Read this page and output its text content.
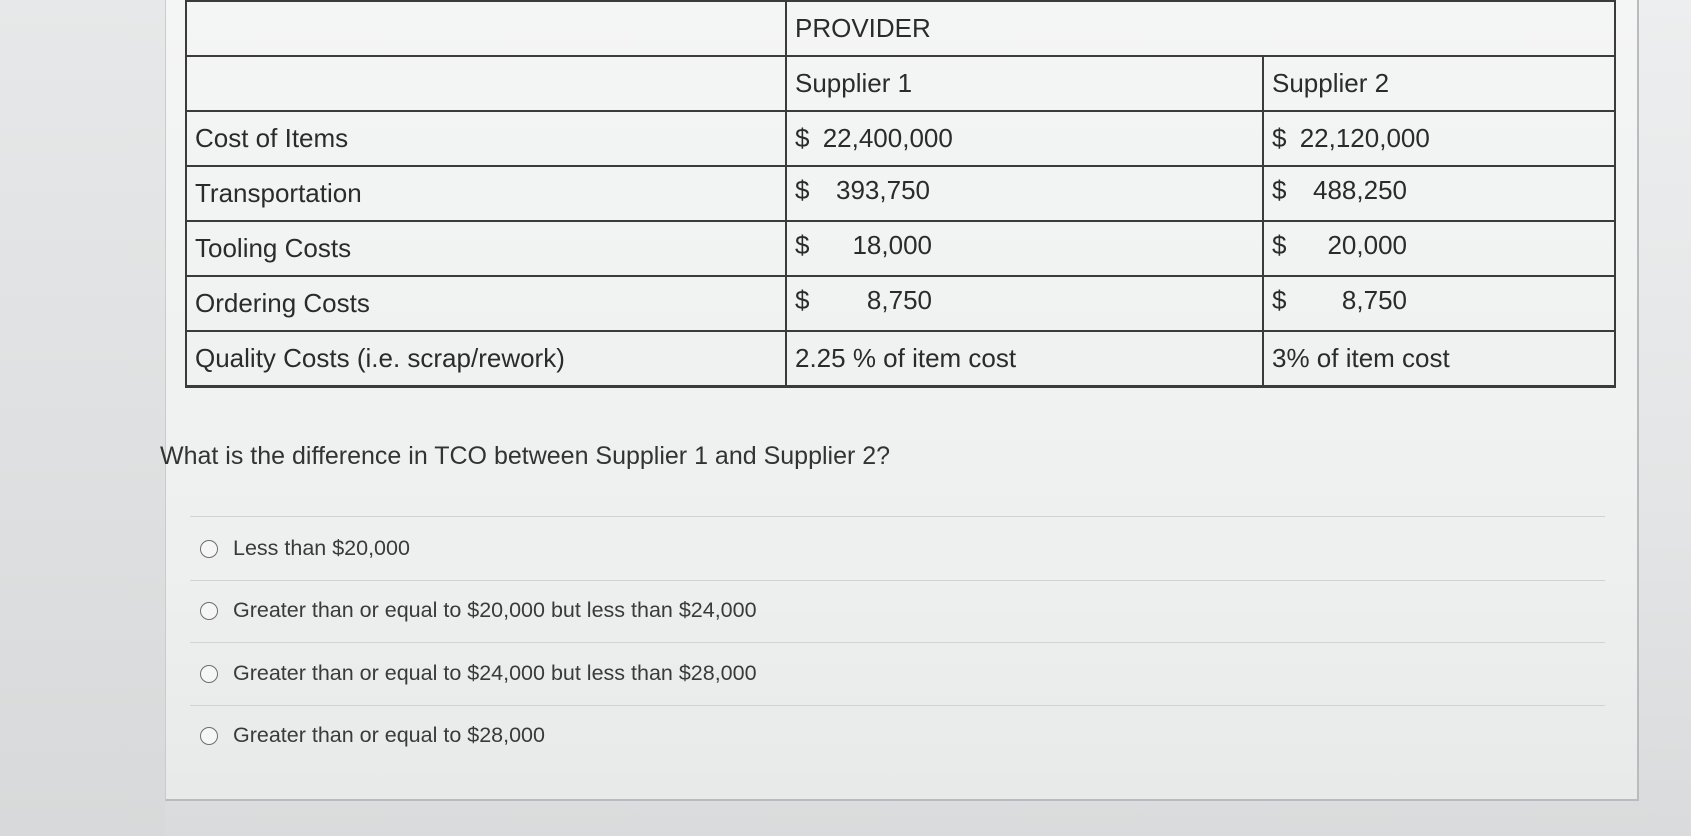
	PROVIDER	
	Supplier 1	Supplier 2
Cost of Items	$ 22,400,000	$ 22,120,000
Transportation	$ 393,750	$ 488,250

Tooling Costs	$ 18,000	$ 20,000

Ordering Costs	$ 8,750	$ 8,750

Quality Costs (i.e. scrap/rework)	2.25 % of item cost	3% of item cost
What is the difference in TCO between Supplier 1 and Supplier 2?
Less than $20,000
Greater than or equal to $20,000 but less than $24,000
Greater than or equal to $24,000 but less than $28,000
Greater than or equal to $28,000
